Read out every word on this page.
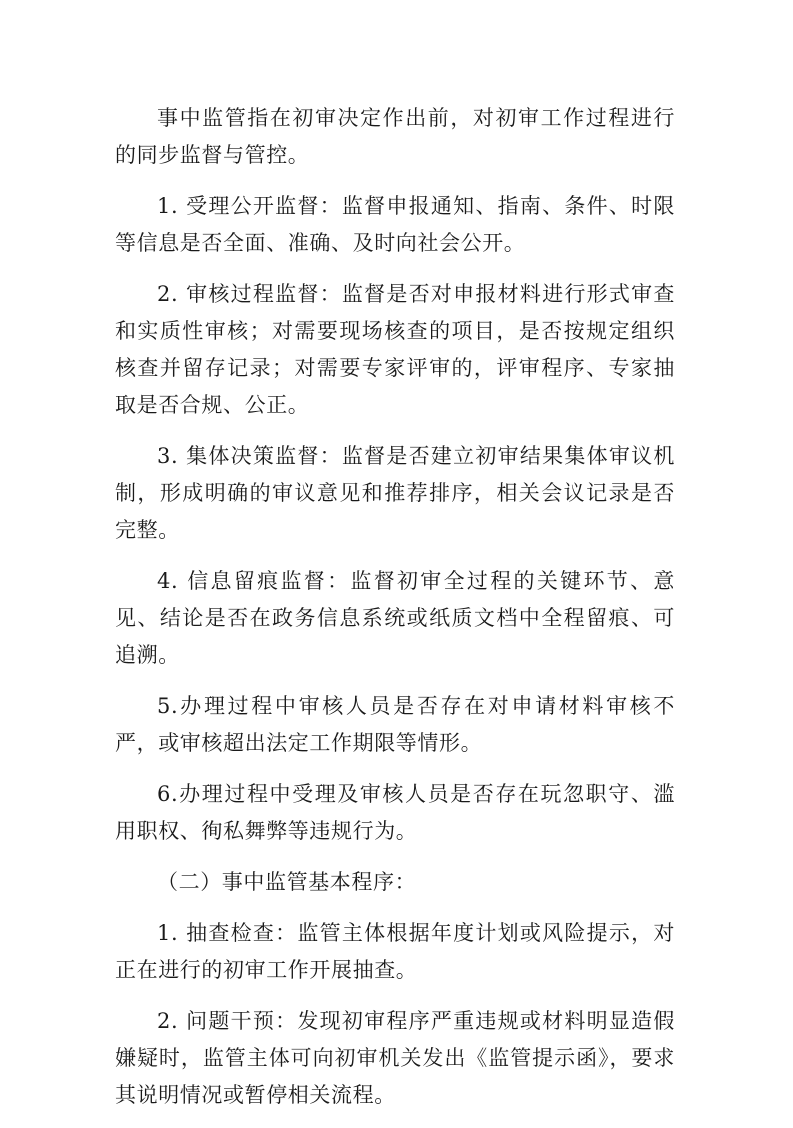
事中监管指在初审决定作出前，对初审工作过程进行的同步监督与管控。

1. 受理公开监督：监督申报通知、指南、条件、时限等信息是否全面、准确、及时向社会公开。

2. 审核过程监督：监督是否对申报材料进行形式审查和实质性审核；对需要现场核查的项目，是否按规定组织核查并留存记录；对需要专家评审的，评审程序、专家抽取是否合规、公正。

3. 集体决策监督：监督是否建立初审结果集体审议机制，形成明确的审议意见和推荐排序，相关会议记录是否完整。

4. 信息留痕监督：监督初审全过程的关键环节、意见、结论是否在政务信息系统或纸质文档中全程留痕、可追溯。

5.办理过程中审核人员是否存在对申请材料审核不严，或审核超出法定工作期限等情形。

6.办理过程中受理及审核人员是否存在玩忽职守、滥用职权、徇私舞弊等违规行为。

（二）事中监管基本程序：

1. 抽查检查：监管主体根据年度计划或风险提示，对正在进行的初审工作开展抽查。

2. 问题干预：发现初审程序严重违规或材料明显造假嫌疑时，监管主体可向初审机关发出《监管提示函》，要求其说明情况或暂停相关流程。
